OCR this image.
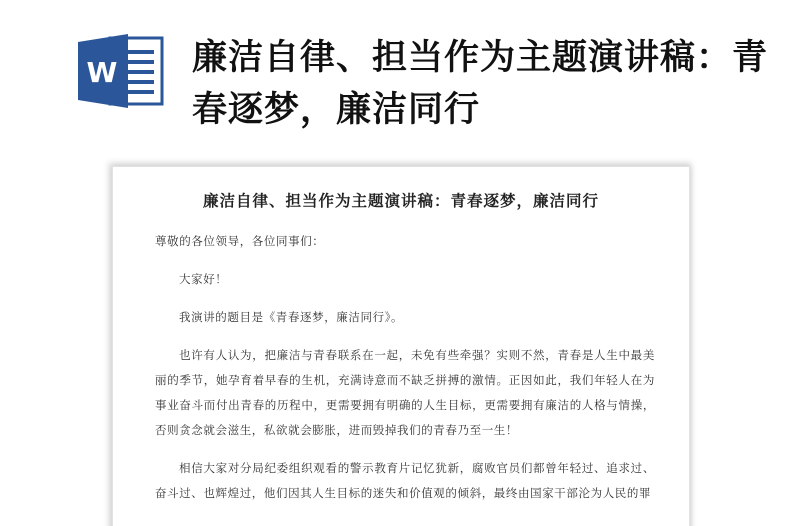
W 廉洁自律、担当作为主题演讲稿：青春逐梦，廉洁同行
廉洁自律、担当作为主题演讲稿：青春逐梦，廉洁同行

尊敬的各位领导，各位同事们：

大家好！

我演讲的题目是《青春逐梦，廉洁同行》。

也许有人认为，把廉洁与青春联系在一起，未免有些牵强？实则不然，青春是人生中最美丽的季节，她孕育着早春的生机，充满诗意而不缺乏拼搏的激情。正因如此，我们年轻人在为事业奋斗而付出青春的历程中，更需要拥有明确的人生目标，更需要拥有廉洁的人格与情操，否则贪念就会滋生，私欲就会膨胀，进而毁掉我们的青春乃至一生！

相信大家对分局纪委组织观看的警示教育片记忆犹新，腐败官员们都曾年轻过、追求过、奋斗过、也辉煌过，他们因其人生目标的迷失和价值观的倾斜，最终由国家干部沦为人民的罪
